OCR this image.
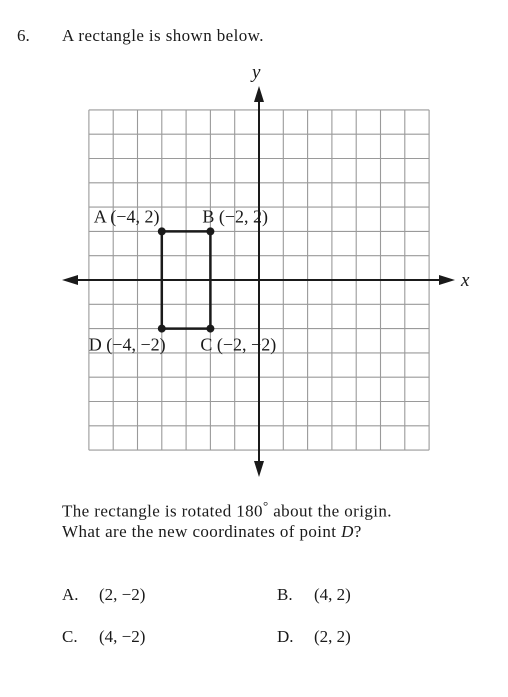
6. A rectangle is shown below.
A (−4, 2) B (−2, 2)
C (−2, −2)
D (−4, −2)
x
y
The rectangle is rotated 180° about the origin.
What are the new coordinates of point D?
A. (2, −2)	B. (4, 2)
C. (4, −2)	D. (2, 2)
